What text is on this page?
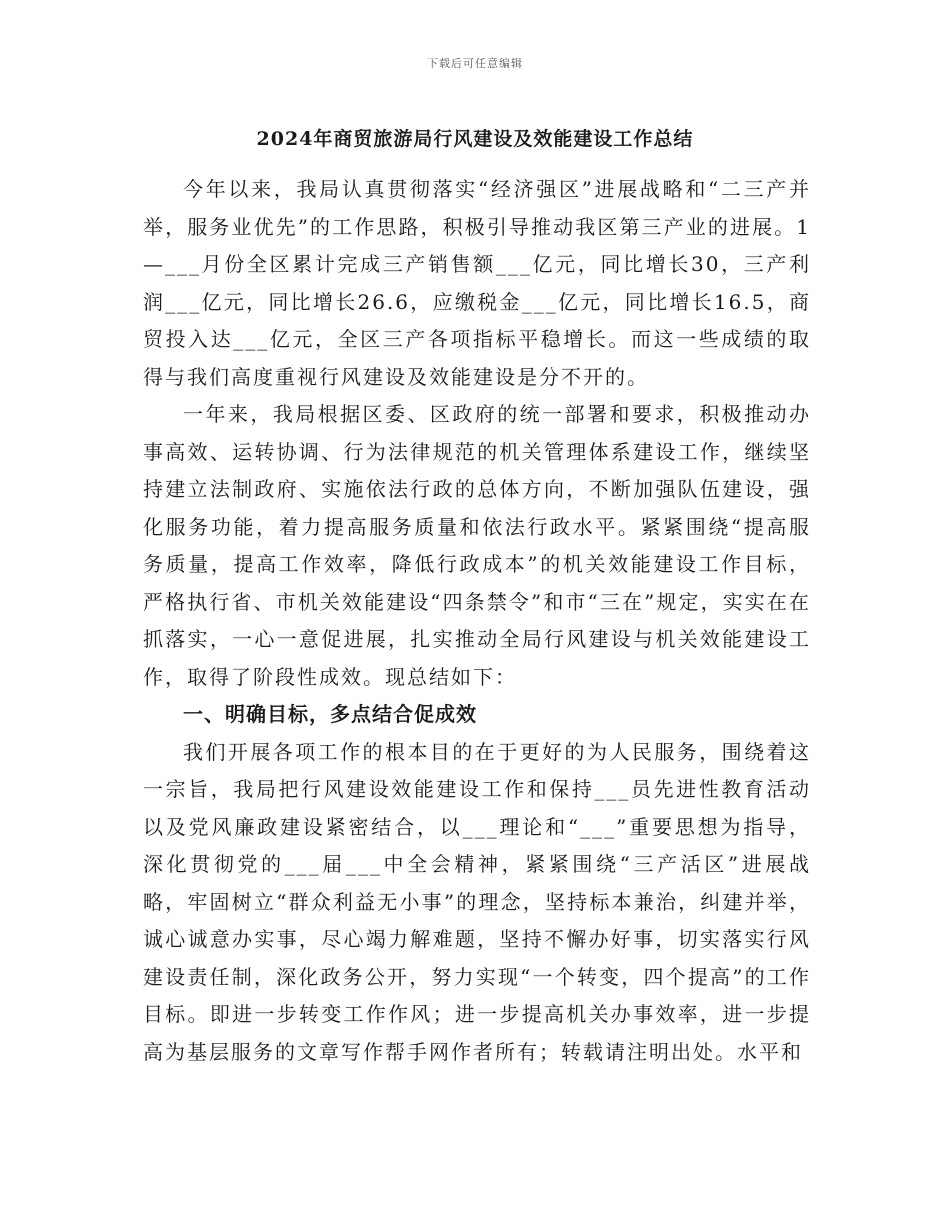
下载后可任意编辑
2024年商贸旅游局行风建设及效能建设工作总结

今年以来，我局认真贯彻落实“经济强区”进展战略和“二三产并举，服务业优先”的工作思路，积极引导推动我区第三产业的进展。1—___月份全区累计完成三产销售额___亿元，同比增长30，三产利润___亿元，同比增长26.6，应缴税金___亿元，同比增长16.5，商贸投入达___亿元，全区三产各项指标平稳增长。而这一些成绩的取得与我们高度重视行风建设及效能建设是分不开的。

一年来，我局根据区委、区政府的统一部署和要求，积极推动办事高效、运转协调、行为法律规范的机关管理体系建设工作，继续坚持建立法制政府、实施依法行政的总体方向，不断加强队伍建设，强化服务功能，着力提高服务质量和依法行政水平。紧紧围绕“提高服务质量，提高工作效率，降低行政成本”的机关效能建设工作目标，严格执行省、市机关效能建设“四条禁令”和市“三在”规定，实实在在抓落实，一心一意促进展，扎实推动全局行风建设与机关效能建设工作，取得了阶段性成效。现总结如下：

一、明确目标，多点结合促成效

我们开展各项工作的根本目的在于更好的为人民服务，围绕着这一宗旨，我局把行风建设效能建设工作和保持___员先进性教育活动以及党风廉政建设紧密结合，以___理论和“___”重要思想为指导，深化贯彻党的___届___中全会精神，紧紧围绕“三产活区”进展战略，牢固树立“群众利益无小事”的理念，坚持标本兼治，纠建并举，诚心诚意办实事，尽心竭力解难题，坚持不懈办好事，切实落实行风建设责任制，深化政务公开，努力实现“一个转变，四个提高”的工作目标。即进一步转变工作作风；进一步提高机关办事效率，进一步提高为基层服务的文章写作帮手网作者所有；转载请注明出处。水平和
